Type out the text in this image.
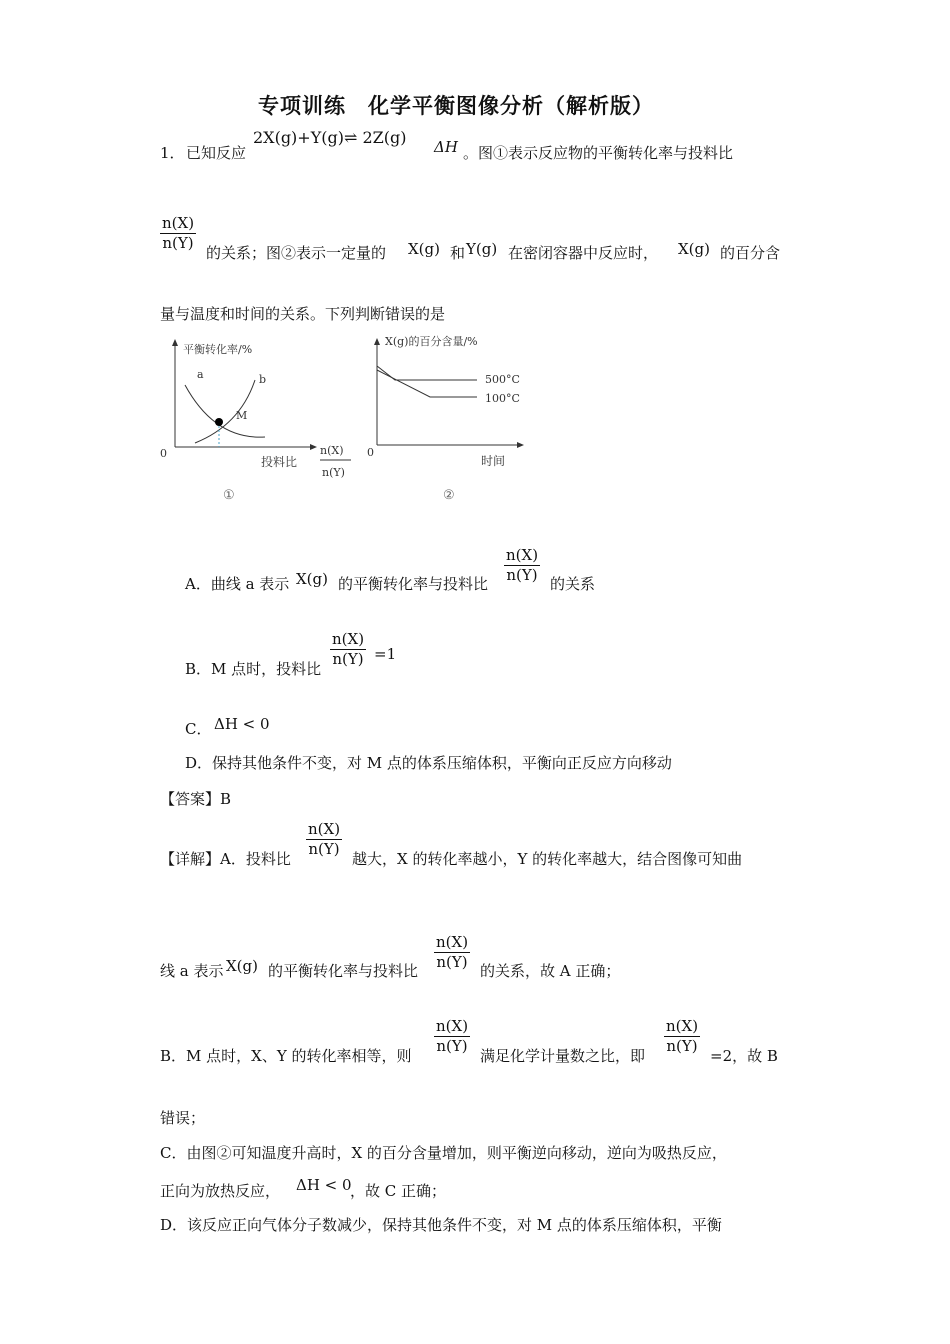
专项训练　化学平衡图像分析（解析版）
1． 已知反应
2X(g)+Y(g)⇌ 2Z(g) ΔH 。图①表示反应物的平衡转化率与投料比
$\frac{n(X)}{n(Y)}$ 的关系；图②表示一定量的 X(g) 和 Y(g) 在密闭容器中反应时， X(g) 的百分含
量与温度和时间的关系。下列判断错误的是
平衡转化率/%
0
a	b
M
投料比
n(X)
n(Y)
①
X(g)的百分含量/%
0
500°C
100°C
时间
②
A．曲线 a 表示 X(g) 的平衡转化率与投料比 $\frac{n(X)}{n(Y)}$ 的关系
B．M 点时，投料比 $\frac{n(X)}{n(Y)} =1$
C． ΔH < 0
D．保持其他条件不变，对 M 点的体系压缩体积，平衡向正反应方向移动
【答案】B
【详解】A．投料比 $\frac{n(X)}{n(Y)}$ 越大，X 的转化率越小，Y 的转化率越大，结合图像可知曲
线 a 表示 X(g) 的平衡转化率与投料比 $\frac{n(X)}{n(Y)}$ 的关系，故 A 正确；
B．M 点时，X、Y 的转化率相等，则 $\frac{n(X)}{n(Y)}$ 满足化学计量数之比，即 $\frac{n(X)}{n(Y)} =2$，故 B
错误；
C．由图②可知温度升高时，X 的百分含量增加，则平衡逆向移动，逆向为吸热反应，
正向为放热反应， ΔH < 0
，故 C 正确；
D．该反应正向气体分子数减少，保持其他条件不变，对 M 点的体系压缩体积，平衡
